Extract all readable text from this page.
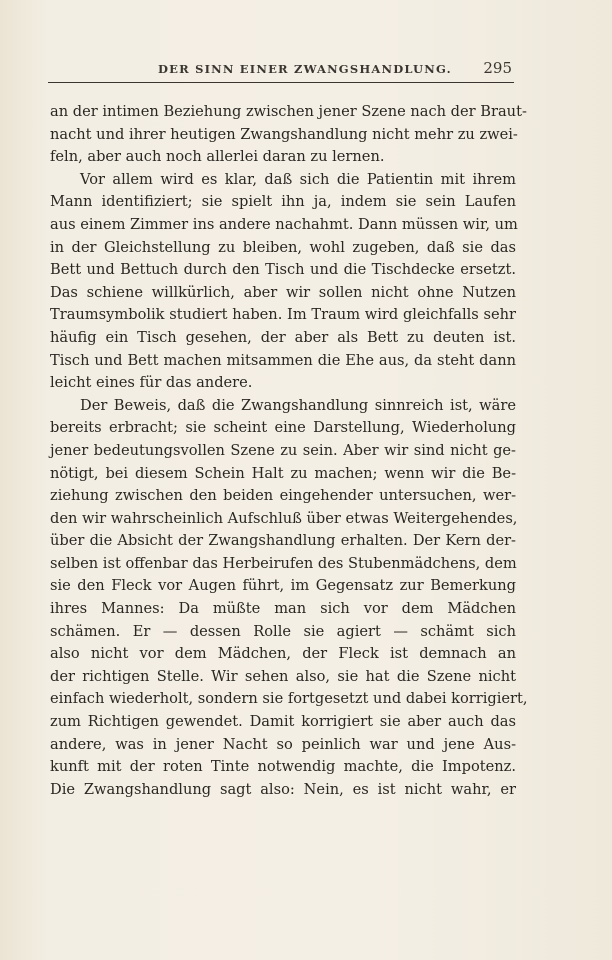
DER SINN EINER ZWANGSHANDLUNG. 295
an der intimen Beziehung zwischen jener Szene nach der Braut-
nacht und ihrer heutigen Zwangshandlung nicht mehr zu zwei-
feln, aber auch noch allerlei daran zu lernen.
Vor allem wird es klar, daß sich die Patientin mit ihrem
Mann identifiziert; sie spielt ihn ja, indem sie sein Laufen
aus einem Zimmer ins andere nachahmt. Dann müssen wir, um
in der Gleichstellung zu bleiben, wohl zugeben, daß sie das
Bett und Bettuch durch den Tisch und die Tischdecke ersetzt.
Das schiene willkürlich, aber wir sollen nicht ohne Nutzen
Traumsymbolik studiert haben. Im Traum wird gleichfalls sehr
häufig ein Tisch gesehen, der aber als Bett zu deuten ist.
Tisch und Bett machen mitsammen die Ehe aus, da steht dann
leicht eines für das andere.
Der Beweis, daß die Zwangshandlung sinnreich ist, wäre
bereits erbracht; sie scheint eine Darstellung, Wiederholung
jener bedeutungsvollen Szene zu sein. Aber wir sind nicht ge-
nötigt, bei diesem Schein Halt zu machen; wenn wir die Be-
ziehung zwischen den beiden eingehender untersuchen, wer-
den wir wahrscheinlich Aufschluß über etwas Weitergehendes,
über die Absicht der Zwangshandlung erhalten. Der Kern der-
selben ist offenbar das Herbeirufen des Stubenmädchens, dem
sie den Fleck vor Augen führt, im Gegensatz zur Bemerkung
ihres Mannes: Da müßte man sich vor dem Mädchen
schämen. Er — dessen Rolle sie agiert — schämt sich
also nicht vor dem Mädchen, der Fleck ist demnach an
der richtigen Stelle. Wir sehen also, sie hat die Szene nicht
einfach wiederholt, sondern sie fortgesetzt und dabei korrigiert,
zum Richtigen gewendet. Damit korrigiert sie aber auch das
andere, was in jener Nacht so peinlich war und jene Aus-
kunft mit der roten Tinte notwendig machte, die Impotenz.
Die Zwangshandlung sagt also: Nein, es ist nicht wahr, er
